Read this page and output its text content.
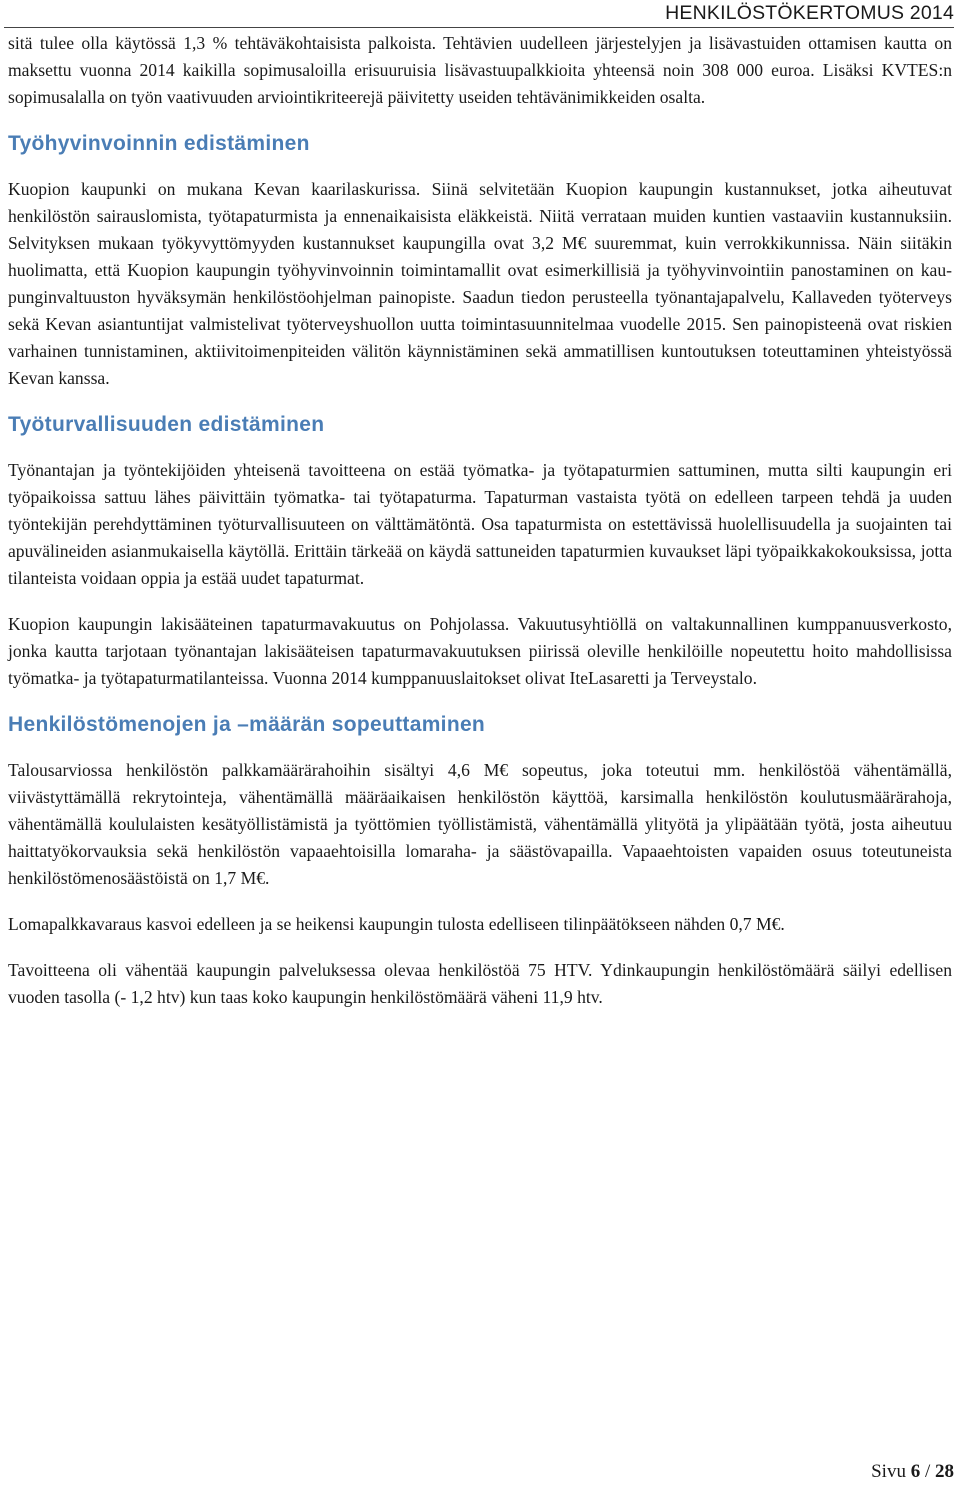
HENKILÖSTÖKERTOMUS 2014

sitä tulee olla käytössä 1,3 % tehtäväkohtaisista palkoista. Tehtävien uudelleen järjestelyjen ja lisävastuiden ottamisen kautta on maksettu vuonna 2014 kaikilla sopimusaloilla erisuuruisia lisävastuupalkkioita yhteensä noin 308 000 euroa. Lisäksi KVTES:n sopimusalalla on työn vaativuuden arviointikriteerejä päivitetty useiden tehtävänimikkeiden osalta.

Työhyvinvoinnin edistäminen

Kuopion kaupunki on mukana Kevan kaarilaskurissa. Siinä selvitetään Kuopion kaupungin kustannukset, jotka aiheutuvat henkilöstön sairauslomista, työtapaturmista ja ennenaikaisista eläkkeistä. Niitä verrataan muiden kuntien vastaaviin kustannuksiin. Selvityksen mukaan työkyvyttömyyden kustannukset kaupungilla ovat 3,2 M€ suuremmat, kuin verrokkikunnissa. Näin siitäkin huolimatta, että Kuopion kaupungin työhyvinvoinnin toimintamallit ovat esimerkillisiä ja työhyvinvointiin panostaminen on kaupunginvaltuuston hyväksymän henkilöstöohjelman painopiste. Saadun tiedon perusteella työnantajapalvelu, Kallaveden työterveys sekä Kevan asiantuntijat valmistelivat työterveyshuollon uutta toimintasuunnitelmaa vuodelle 2015. Sen painopisteenä ovat riskien varhainen tunnistaminen, aktiivitoimenpiteiden välitön käynnistäminen sekä ammatillisen kuntoutuksen toteuttaminen yhteistyössä Kevan kanssa.

Työturvallisuuden edistäminen

Työnantajan ja työntekijöiden yhteisenä tavoitteena on estää työmatka- ja työtapaturmien sattuminen, mutta silti kaupungin eri työpaikoissa sattuu lähes päivittäin työmatka- tai työtapaturma. Tapaturman vastaista työtä on edelleen tarpeen tehdä ja uuden työntekijän perehdyttäminen työturvallisuuteen on välttämätöntä. Osa tapaturmista on estettävissä huolellisuudella ja suojainten tai apuvälineiden asianmukaisella käytöllä. Erittäin tärkeää on käydä sattuneiden tapaturmien kuvaukset läpi työpaikkakokouksissa, jotta tilanteista voidaan oppia ja estää uudet tapaturmat.

Kuopion kaupungin lakisääteinen tapaturmavakuutus on Pohjolassa. Vakuutusyhtiöllä on valtakunnallinen kumppanuusverkosto, jonka kautta tarjotaan työnantajan lakisääteisen tapaturmavakuutuksen piirissä oleville henkilöille nopeutettu hoito mahdollisissa työmatka- ja työtapaturmatilanteissa. Vuonna 2014 kumppanuuslaitokset olivat IteLasaretti ja Terveystalo.

Henkilöstömenojen ja –määrän sopeuttaminen

Talousarviossa henkilöstön palkkamäärärahoihin sisältyi 4,6 M€ sopeutus, joka toteutui mm. henkilöstöä vähentämällä, viivästyttämällä rekrytointeja, vähentämällä määräaikaisen henkilöstön käyttöä, karsimalla henkilöstön koulutusmäärärahoja, vähentämällä koululaisten kesätyöllistämistä ja työttömien työllistämistä, vähentämällä ylityötä ja ylipäätään työtä, josta aiheutuu haittatyökorvauksia sekä henkilöstön vapaaehtoisilla lomaraha- ja säästövapailla. Vapaaehtoisten vapaiden osuus toteutuneista henkilöstömenosäästöistä on 1,7 M€.

Lomapalkkavaraus kasvoi edelleen ja se heikensi kaupungin tulosta edelliseen tilinpäätökseen nähden 0,7 M€.

Tavoitteena oli vähentää kaupungin palveluksessa olevaa henkilöstöä 75 HTV. Ydinkaupungin henkilöstömäärä säilyi edellisen vuoden tasolla (- 1,2 htv) kun taas koko kaupungin henkilöstömäärä väheni 11,9 htv.

Sivu 6 / 28
